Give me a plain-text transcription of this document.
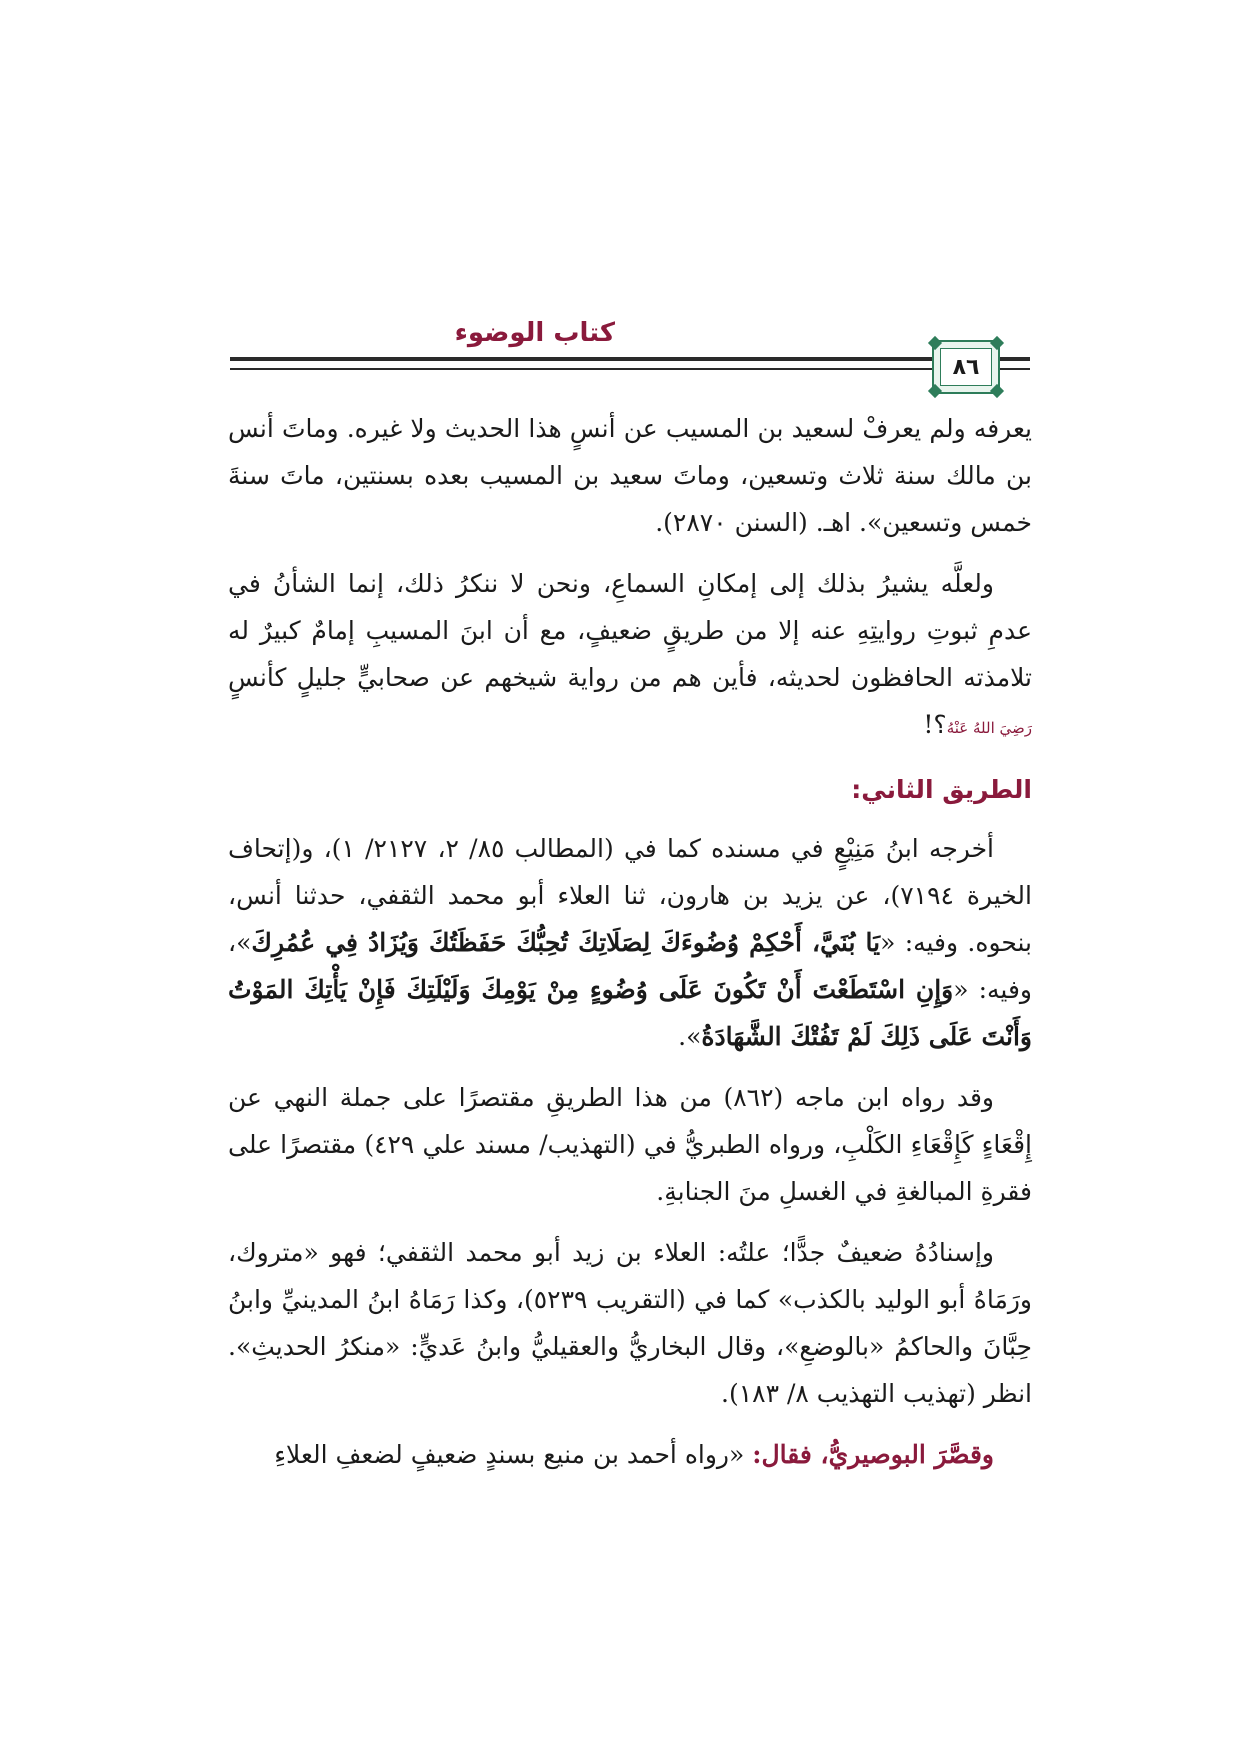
كتاب الوضوء
٨٦

يعرفه ولم يعرفْ لسعيد بن المسيب عن أنسٍ هذا الحديث ولا غيره. وماتَ أنس بن مالك سنة ثلاث وتسعين، وماتَ سعيد بن المسيب بعده بسنتين، ماتَ سنةَ خمس وتسعين». اهـ. (السنن ٢٨٧٠).

ولعلَّه يشيرُ بذلك إلى إمكانِ السماعِ، ونحن لا ننكرُ ذلك، إنما الشأنُ في عدمِ ثبوتِ روايتِهِ عنه إلا من طريقٍ ضعيفٍ، مع أن ابنَ المسيبِ إمامٌ كبيرٌ له تلامذته الحافظون لحديثه، فأين هم من رواية شيخهم عن صحابيٍّ جليلٍ كأنسٍ رَضِيَ اللهُ عَنْهُ؟!

الطريق الثاني:

أخرجه ابنُ مَنِيْعٍ في مسنده كما في (المطالب ٨٥/ ٢، ٢١٢٧/ ١)، و(إتحاف الخيرة ٧١٩٤)، عن يزيد بن هارون، ثنا العلاء أبو محمد الثقفي، حدثنا أنس، بنحوه. وفيه: «يَا بُنَيَّ، أَحْكِمْ وُضُوءَكَ لِصَلَاتِكَ تُحِبُّكَ حَفَظَتُكَ وَيُزَادُ فِي عُمُرِكَ»، وفيه: «وَإِنِ اسْتَطَعْتَ أَنْ تَكُونَ عَلَى وُضُوءٍ مِنْ يَوْمِكَ وَلَيْلَتِكَ فَإِنْ يَأْتِكَ المَوْتُ وَأَنْتَ عَلَى ذَلِكَ لَمْ تَفُتْكَ الشَّهَادَةُ».

وقد رواه ابن ماجه (٨٦٢) من هذا الطريقِ مقتصرًا على جملة النهي عن إِقْعَاءٍ كَإِقْعَاءِ الكَلْبِ، ورواه الطبريُّ في (التهذيب/ مسند علي ٤٢٩) مقتصرًا على فقرةِ المبالغةِ في الغسلِ منَ الجنابةِ.

وإسنادُهُ ضعيفٌ جدًّا؛ علتُه: العلاء بن زيد أبو محمد الثقفي؛ فهو «متروك، ورَمَاهُ أبو الوليد بالكذب» كما في (التقريب ٥٢٣٩)، وكذا رَمَاهُ ابنُ المدينيِّ وابنُ حِبَّانَ والحاكمُ «بالوضعِ»، وقال البخاريُّ والعقيليُّ وابنُ عَديٍّ: «منكرُ الحديثِ». انظر (تهذيب التهذيب ٨/ ١٨٣).

وقصَّرَ البوصيريُّ، فقال: «رواه أحمد بن منيع بسندٍ ضعيفٍ لضعفِ العلاءِ
